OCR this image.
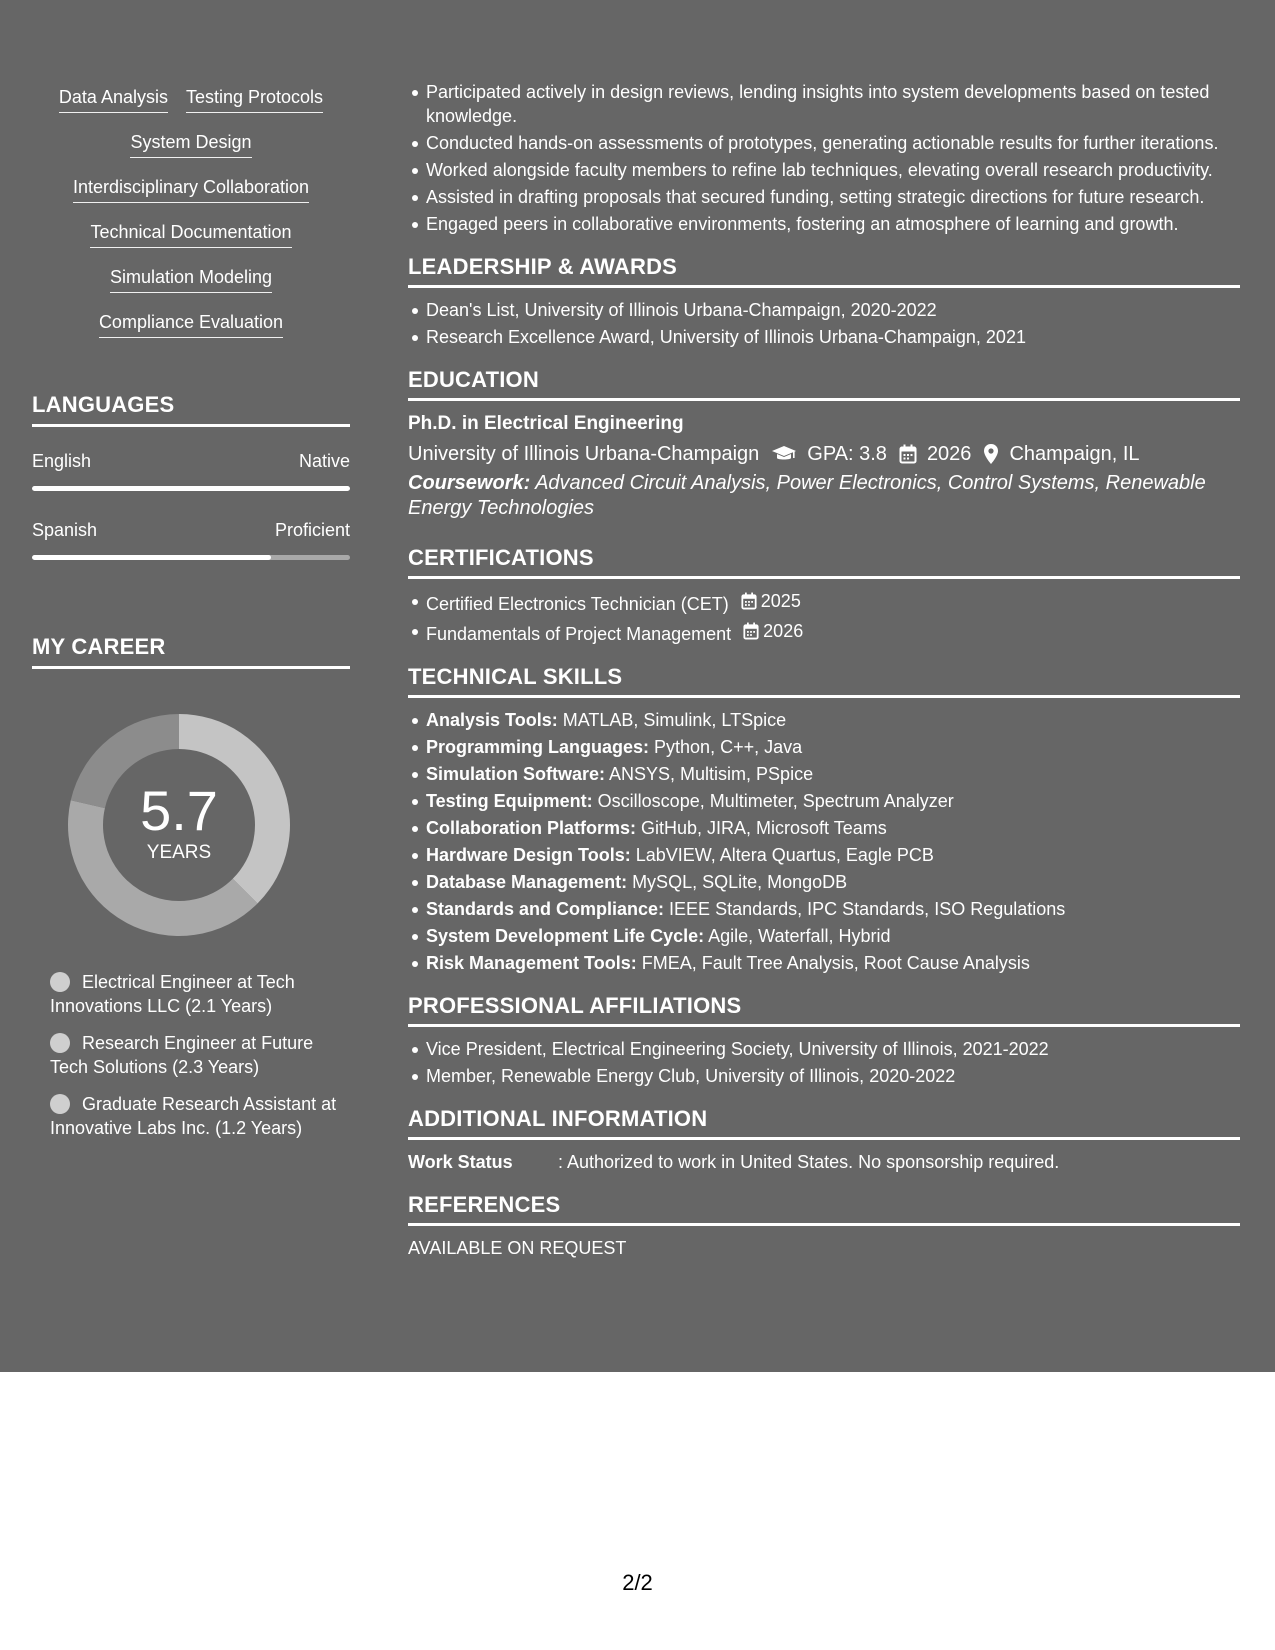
Data Analysis Testing Protocols
System Design
Interdisciplinary Collaboration
Technical Documentation
Simulation Modeling
Compliance Evaluation
LANGUAGES
English	Native
Spanish	Proficient
MY CAREER
5.7
YEARS
Electrical Engineer at Tech Innovations LLC (2.1 Years)
Research Engineer at Future Tech Solutions (2.3 Years)
Graduate Research Assistant at Innovative Labs Inc. (1.2 Years)
Participated actively in design reviews, lending insights into system developments based on tested knowledge.
Conducted hands-on assessments of prototypes, generating actionable results for further iterations.
Worked alongside faculty members to refine lab techniques, elevating overall research productivity.
Assisted in drafting proposals that secured funding, setting strategic directions for future research.
Engaged peers in collaborative environments, fostering an atmosphere of learning and growth.
LEADERSHIP & AWARDS
Dean's List, University of Illinois Urbana-Champaign, 2020-2022
Research Excellence Award, University of Illinois Urbana-Champaign, 2021
EDUCATION
Ph.D. in Electrical Engineering
University of Illinois Urbana-Champaign GPA: 3.8 2026 Champaign, IL
Coursework: Advanced Circuit Analysis, Power Electronics, Control Systems, Renewable Energy Technologies
CERTIFICATIONS
Certified Electronics Technician (CET) 2025
Fundamentals of Project Management 2026
TECHNICAL SKILLS
Analysis Tools: MATLAB, Simulink, LTSpice
Programming Languages: Python, C++, Java
Simulation Software: ANSYS, Multisim, PSpice
Testing Equipment: Oscilloscope, Multimeter, Spectrum Analyzer
Collaboration Platforms: GitHub, JIRA, Microsoft Teams
Hardware Design Tools: LabVIEW, Altera Quartus, Eagle PCB
Database Management: MySQL, SQLite, MongoDB
Standards and Compliance: IEEE Standards, IPC Standards, ISO Regulations
System Development Life Cycle: Agile, Waterfall, Hybrid
Risk Management Tools: FMEA, Fault Tree Analysis, Root Cause Analysis
PROFESSIONAL AFFILIATIONS
Vice President, Electrical Engineering Society, University of Illinois, 2021-2022
Member, Renewable Energy Club, University of Illinois, 2020-2022
ADDITIONAL INFORMATION
Work Status	: Authorized to work in United States. No sponsorship required.
REFERENCES
AVAILABLE ON REQUEST
2/2
